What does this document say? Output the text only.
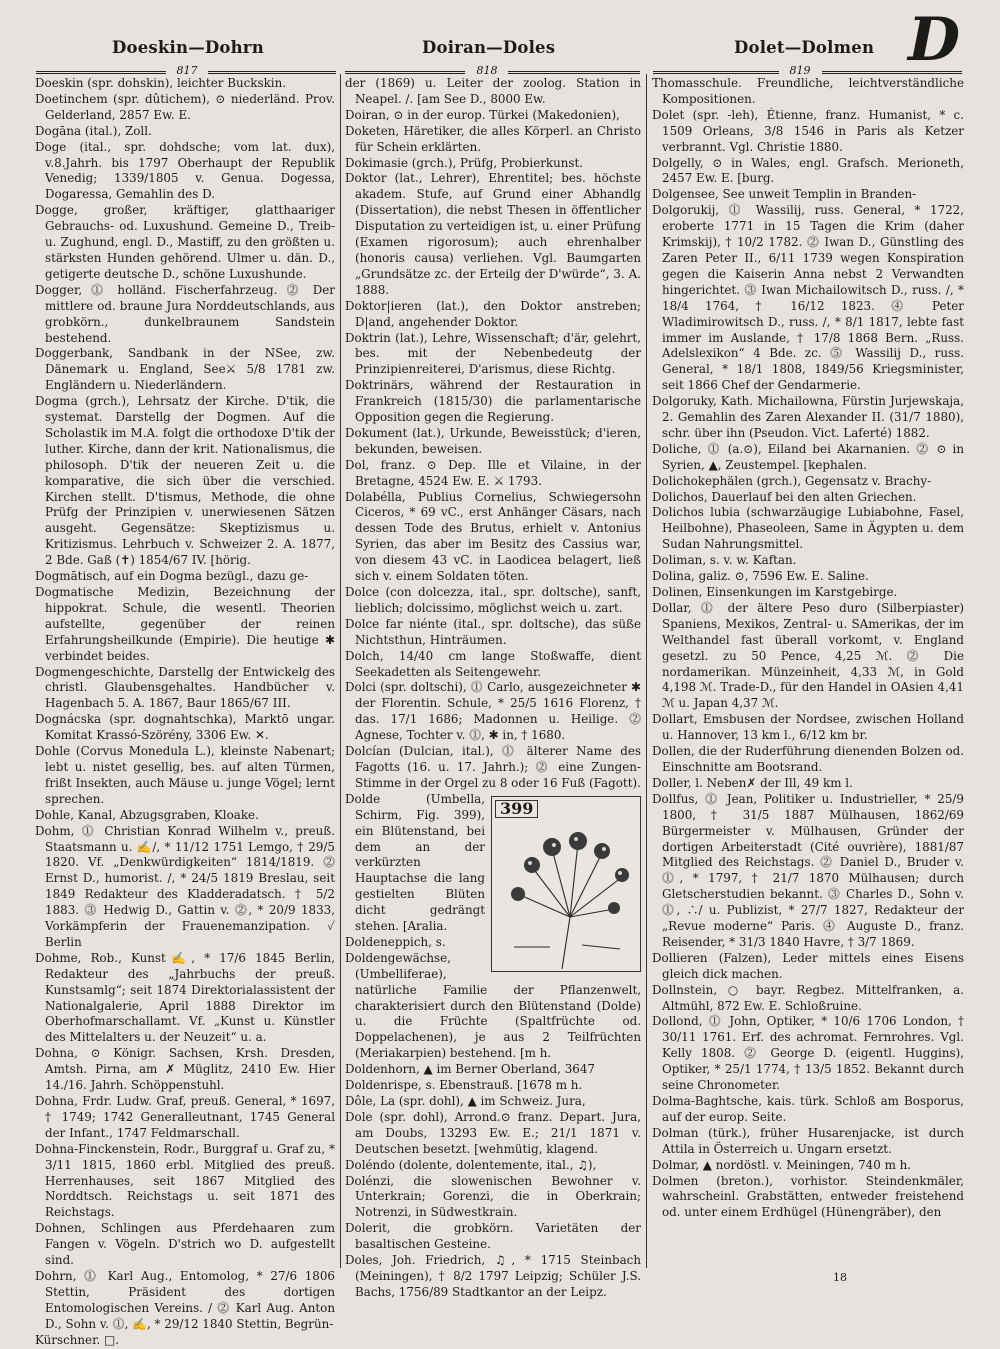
Doeskin—Dohrn	Doiran—Doles	Dolet—Dolmen D
817	818	819

Doeskin (spr. dohskin), leichter Buckskin.

Doetinchem (spr. dûtichem), ⊙ niederländ. Prov. Gelderland, 2857 Ew. E.

Dogāna (ital.), Zoll.

Doge (ital., spr. dohdsche; vom lat. dux), v.8.Jahrh. bis 1797 Oberhaupt der Republik Venedig; 1339/1805 v. Genua. Dogessa, Dogaressa, Gemahlin des D.

Dogge, großer, kräftiger, glatthaariger Gebrauchs- od. Luxushund. Gemeine D., Treib- u. Zughund, engl. D., Mastiff, zu den größten u. stärksten Hunden gehörend. Ulmer u. dän. D., getigerte deutsche D., schöne Luxushunde.

Dogger, ⓵ holländ. Fischerfahrzeug. ⓶ Der mittlere od. braune Jura Norddeutschlands, aus grobkörn., dunkelbraunem Sandstein bestehend.

Doggerbank, Sandbank in der NSee, zw. Dänemark u. England, See⚔ 5/8 1781 zw. Engländern u. Niederländern.

Dogma (grch.), Lehrsatz der Kirche. D'tik, die systemat. Darstellg der Dogmen. Auf die Scholastik im M.A. folgt die orthodoxe D'tik der luther. Kirche, dann der krit. Nationalismus, die philosoph. D'tik der neueren Zeit u. die komparative, die sich über die verschied. Kirchen stellt. D'tismus, Methode, die ohne Prüfg der Prinzipien v. unerwiesenen Sätzen ausgeht. Gegensätze: Skeptizismus u. Kritizismus. Lehrbuch v. Schweizer 2. A. 1877, 2 Bde. Gaß (✝) 1854/67 IV. [hörig.

Dogmātisch, auf ein Dogma bezügl., dazu ge-

Dogmatische Medizin, Bezeichnung der hippokrat. Schule, die wesentl. Theorien aufstellte, gegenüber der reinen Erfahrungsheilkunde (Empirie). Die heutige ✱ verbindet beides.

Dogmengeschichte, Darstellg der Entwickelg des christl. Glaubensgehaltes. Handbücher v. Hagenbach 5. A. 1867, Baur 1865/67 III.

Dognácska (spr. dognahtschka), Marktō ungar. Komitat Krassó-Szörény, 3306 Ew. ✕.

Dohle (Corvus Monedula L.), kleinste Nabenart; lebt u. nistet gesellig, bes. auf alten Türmen, frißt Insekten, auch Mäuse u. junge Vögel; lernt sprechen.

Dohle, Kanal, Abzugsgraben, Kloake.

Dohm, ⓵ Christian Konrad Wilhelm v., preuß. Staatsmann u. ✍/, * 11/12 1751 Lemgo, † 29/5 1820. Vf. „Denkwürdigkeiten“ 1814/1819. ⓶ Ernst D., humorist. /, * 24/5 1819 Breslau, seit 1849 Redakteur des Kladderadatsch. † 5/2 1883. ⓷ Hedwig D., Gattin v. ⓶, * 20/9 1833, Vorkämpferin der Frauenemanzipation. ✓ Berlin

Dohme, Rob., Kunst✍, * 17/6 1845 Berlin, Redakteur des „Jahrbuchs der preuß. Kunstsamlg“; seit 1874 Direktorialassistent der Nationalgalerie, April 1888 Direktor im Oberhofmarschallamt. Vf. „Kunst u. Künstler des Mittelalters u. der Neuzeit“ u. a.

Dohna, ⊙ Königr. Sachsen, Krsh. Dresden, Amtsh. Pirna, am ✗ Müglitz, 2410 Ew. Hier 14./16. Jahrh. Schöppenstuhl.

Dohna, Frdr. Ludw. Graf, preuß. General, * 1697, † 1749; 1742 Generalleutnant, 1745 General der Infant., 1747 Feldmarschall.

Dohna-Finckenstein, Rodr., Burggraf u. Graf zu, * 3/11 1815, 1860 erbl. Mitglied des preuß. Herrenhauses, seit 1867 Mitglied des Norddtsch. Reichstags u. seit 1871 des Reichstags.

Dohnen, Schlingen aus Pferdehaaren zum Fangen v. Vögeln. D'strich wo D. aufgestellt sind.

Dohrn, ⓵ Karl Aug., Entomolog, * 27/6 1806 Stettin, Präsident des dortigen Entomologischen Vereins. / ⓶ Karl Aug. Anton D., Sohn v. ⓵, ✍, * 29/12 1840 Stettin, Begrün-

Kürschner. □.

der (1869) u. Leiter der zoolog. Station in Neapel. /. [am See D., 8000 Ew.

Doiran, ⊙ in der europ. Türkei (Makedonien),

Doketen, Häretiker, die alles Körperl. an Christo für Schein erklärten.

Dokimasie (grch.), Prüfg, Probierkunst.

Doktor (lat., Lehrer), Ehrentitel; bes. höchste akadem. Stufe, auf Grund einer Abhandlg (Dissertation), die nebst Thesen in öffentlicher Disputation zu verteidigen ist, u. einer Prüfung (Examen rigorosum); auch ehrenhalber (honoris causa) verliehen. Vgl. Baumgarten „Grundsätze zc. der Erteilg der D'würde“, 3. A. 1888.

Doktor|ieren (lat.), den Doktor anstreben; D|and, angehender Doktor.

Doktrin (lat.), Lehre, Wissenschaft; d'är, gelehrt, bes. mit der Nebenbedeutg der Prinzipienreiterei, D'arismus, diese Richtg.

Doktrinärs, während der Restauration in Frankreich (1815/30) die parlamentarische Opposition gegen die Regierung.

Dokument (lat.), Urkunde, Beweisstück; d'ieren, bekunden, beweisen.

Dol, franz. ⊙ Dep. Ille et Vilaine, in der Bretagne, 4524 Ew. E. ⚔ 1793.

Dolabélla, Publius Cornelius, Schwiegersohn Ciceros, * 69 vC., erst Anhänger Cäsars, nach dessen Tode des Brutus, erhielt v. Antonius Syrien, das aber im Besitz des Cassius war, von diesem 43 vC. in Laodicea belagert, ließ sich v. einem Soldaten töten.

Dolce (con dolcezza, ital., spr. doltsche), sanft, lieblich; dolcissimo, möglichst weich u. zart.

Dolce far niénte (ital., spr. doltsche), das süße Nichtsthun, Hinträumen.

Dolch, 14/40 cm lange Stoßwaffe, dient Seekadetten als Seitengewehr.

Dolci (spr. doltschi), ⓵ Carlo, ausgezeichneter ✱ der Florentin. Schule, * 25/5 1616 Florenz, † das. 17/1 1686; Madonnen u. Heilige. ⓶ Agnese, Tochter v. ⓵, ✱ in, † 1680.

Dolcían (Dulcian, ital.), ⓵ älterer Name des Fagotts (16. u. 17. Jahrh.); ⓶ eine Zungen-Stimme in der Orgel zu 8 oder 16 Fuß (Fagott).

399

Dolde (Umbella, Schirm, Fig. 399), ein Blütenstand, bei dem an der verkürzten Hauptachse die lang gestielten Blüten dicht gedrängt stehen. [Aralia.

Doldeneppich, s.

Doldengewächse, (Umbelliferae), natürliche Familie der Pflanzenwelt, charakterisiert durch den Blütenstand (Dolde) u. die Früchte (Spaltfrüchte od. Doppelachenen), je aus 2 Teilfrüchten (Meriakarpien) bestehend. [m h.

Doldenhorn, ▲ im Berner Oberland, 3647

Doldenrispe, s. Ebenstrauß. [1678 m h.

Dôle, La (spr. dohl), ▲ im Schweiz. Jura,

Dole (spr. dohl), Arrond.⊙ franz. Depart. Jura, am Doubs, 13293 Ew. E.; 21/1 1871 v. Deutschen besetzt. [wehmütig, klagend.

Doléndo (dolente, dolentemente, ital., ♫),

Dolénzi, die slowenischen Bewohner v. Unterkrain; Gorenzi, die in Oberkrain; Notrenzi, in Südwestkrain.

Dolerit, die grobkörn. Varietäten der basaltischen Gesteine.

Doles, Joh. Friedrich, ♫, * 1715 Steinbach (Meiningen), † 8/2 1797 Leipzig; Schüler J.S. Bachs, 1756/89 Stadtkantor an der Leipz.

Thomasschule. Freundliche, leichtverständliche Kompositionen.

Dolet (spr. -leh), Étienne, franz. Humanist, * c. 1509 Orleans, 3/8 1546 in Paris als Ketzer verbrannt. Vgl. Christie 1880.

Dolgelly, ⊙ in Wales, engl. Grafsch. Merioneth, 2457 Ew. E. [burg.

Dolgensee, See unweit Templin in Branden-

Dolgorukij, ⓵ Wassilij, russ. General, * 1722, eroberte 1771 in 15 Tagen die Krim (daher Krimskij), † 10/2 1782. ⓶ Iwan D., Günstling des Zaren Peter II., 6/11 1739 wegen Konspiration gegen die Kaiserin Anna nebst 2 Verwandten hingerichtet. ⓷ Iwan Michailowitsch D., russ. /, * 18/4 1764, † 16/12 1823. ⓸ Peter Wladimirowitsch D., russ. /, * 8/1 1817, lebte fast immer im Auslande, † 17/8 1868 Bern. „Russ. Adelslexikon“ 4 Bde. zc. ⓹ Wassilij D., russ. General, * 18/1 1808, 1849/56 Kriegsminister, seit 1866 Chef der Gendarmerie.

Dolgoruky, Kath. Michailowna, Fürstin Jurjewskaja, 2. Gemahlin des Zaren Alexander II. (31/7 1880), schr. über ihn (Pseudon. Vict. Laferté) 1882.

Doliche, ⓵ (a.⊙), Eiland bei Akarnanien. ⓶ ⊙ in Syrien, ▲, Zeustempel. [kephalen.

Dolichokephälen (grch.), Gegensatz v. Brachy-

Dolichos, Dauerlauf bei den alten Griechen.

Dolichos lubia (schwarzäugige Lubiabohne, Fasel, Heilbohne), Phaseoleen, Same in Ägypten u. dem Sudan Nahrungsmittel.

Doliman, s. v. w. Kaftan.

Dolina, galiz. ⊙, 7596 Ew. E. Saline.

Dolinen, Einsenkungen im Karstgebirge.

Dollar, ⓵ der ältere Peso duro (Silberpiaster) Spaniens, Mexikos, Zentral- u. SAmerikas, der im Welthandel fast überall vorkomt, v. England gesetzl. zu 50 Pence, 4,25 ℳ. ⓶ Die nordamerikan. Münzeinheit, 4,33 ℳ, in Gold 4,198 ℳ. Trade-D., für den Handel in OAsien 4,41 ℳ u. Japan 4,37 ℳ.

Dollart, Emsbusen der Nordsee, zwischen Holland u. Hannover, 13 km l., 6/12 km br.

Dollen, die der Ruderführung dienenden Bolzen od. Einschnitte am Bootsrand.

Doller, l. Neben✗ der Ill, 49 km l.

Dollfus, ⓵ Jean, Politiker u. Industrieller, * 25/9 1800, † 31/5 1887 Mülhausen, 1862/69 Bürgermeister v. Mülhausen, Gründer der dortigen Arbeiterstadt (Cité ouvrière), 1881/87 Mitglied des Reichstags. ⓶ Daniel D., Bruder v. ⓵, * 1797, † 21/7 1870 Mülhausen; durch Gletscherstudien bekannt. ⓷ Charles D., Sohn v. ⓵, ∴/ u. Publizist, * 27/7 1827, Redakteur der „Revue moderne“ Paris. ⓸ Auguste D., franz. Reisender, * 31/3 1840 Havre, † 3/7 1869.

Dollieren (Falzen), Leder mittels eines Eisens gleich dick machen.

Dollnstein, ○ bayr. Regbez. Mittelfranken, a. Altmühl, 872 Ew. E. Schloßruine.

Dollond, ⓵ John, Optiker, * 10/6 1706 London, † 30/11 1761. Erf. des achromat. Fernrohres. Vgl. Kelly 1808. ⓶ George D. (eigentl. Huggins), Optiker, * 25/1 1774, † 13/5 1852. Bekannt durch seine Chronometer.

Dolma-Baghtsche, kais. türk. Schloß am Bosporus, auf der europ. Seite.

Dolman (türk.), früher Husarenjacke, ist durch Attila in Österreich u. Ungarn ersetzt.

Dolmar, ▲ nordöstl. v. Meiningen, 740 m h.

Dolmen (breton.), vorhistor. Steindenkmäler, wahrscheinl. Grabstätten, entweder freistehend od. unter einem Erdhügel (Hünengräber), den

18
